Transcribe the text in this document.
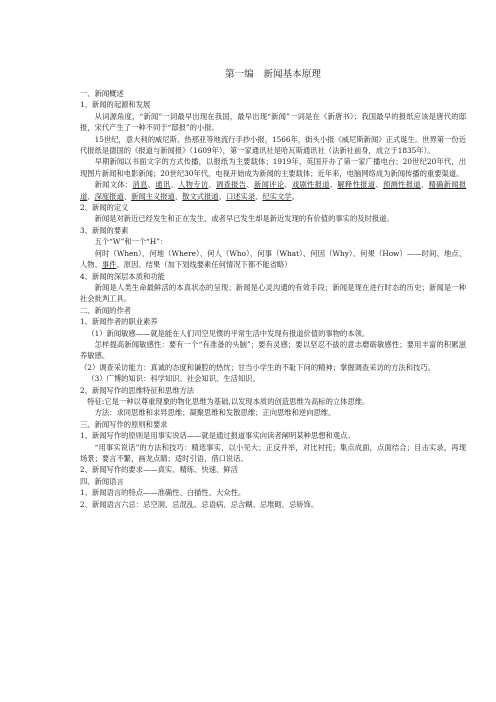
第一编　新闻基本原理

一、新闻概述

1、新闻的起源和发展

从词源角度，“新闻”一词最早出现在我国，最早出现“新闻”一词是在《新唐书》；我国最早的报纸应该是唐代的邸报，宋代产生了一种不同于“邸报”的小报。

15世纪，意大利的威尼斯、热那亚等地流行手抄小报，1566年，街头小报《威尼斯新闻》正式诞生。世界第一份近代报纸是德国的《报道与新闻报》（1609年），第一家通讯社是哈瓦斯通讯社（法新社前身，成立于1835年）。

早期新闻以书面文字的方式传播，以报纸为主要载体；1919年，英国开办了第一家广播电台；20世纪20年代，出现图片新闻和电影新闻；20世纪30年代，电视开始成为新闻的主要载体；近年来，电脑网络成为新闻传播的重要渠道。

新闻文体：消息、通讯、人物专访、调查报告、新闻评论、戏剧性报道、解释性报道、预测性报道、精确新闻报道、深度报道、新闻主义报道、散文式报道、口述实录、纪实文学。

2、新闻的定义

新闻是对新近已经发生和正在发生、或者早已发生却是新近发现的有价值的事实的及时报道。

3、新闻的要素

五个“W”和一个“H”：

何时（When）、何地（Where）、何人（Who）、何事（What）、何因（Why）、何果（How）——时间、地点、人物、事件、原因、结果（加下划线要素任何情况下都不能省略）

4、新闻的深层本质和功能

新闻是人类生命最鲜活的本真状态的呈现；新闻是心灵沟通的有效手段；新闻是现在进行时态的历史；新闻是一种社会批判工具。

二、新闻的作者

1、新闻作者的职业素养

（1）新闻敏感——就是能在人们司空见惯的平常生活中发现有报道价值的事物的本领。

怎样提高新闻敏感性：要有一个“有准备的头脑”；要有灵感；要以坚忍不拔的意志磨砺敏感性；要用丰富的积累滋养敏感。

（2）调查采访能力：真诚的态度和谦腔的热忱；甘当小学生的不耻下问的精神；掌握调查采访的方法和技巧。

（3）广博的知识：科学知识、社会知识、生活知识。

2、新闻写作的思维特征和思维方法

特征:它是一种以尊重现象的物化思维为基础,以发现本质的创造思维为高标的立体思维。

方法：求同思维和求异思维；凝聚思维和发散思维；正向思维和逆向思维。

三、新闻写作的原则和要求

1、新闻写作的原则是用事实说话——就是通过报道事实向读者阐明某种思想和观点。

“用事实说话”的方法和技巧：精选事实，以小见大；正反并举，对比衬托；集点成面，点面结合；目击实录，再现场景；要言不繁，画龙点睛；适时引语，借口说话。

2、新闻写作的要求——真实、精练、快速、鲜活

四、新闻语言

1、新闻语言的特点——准确性、白描性、大众性。

2、新闻语言六忌：忌空洞、忌混乱、忌语病、忌含糊、忌堆砌、忌矫饰。
